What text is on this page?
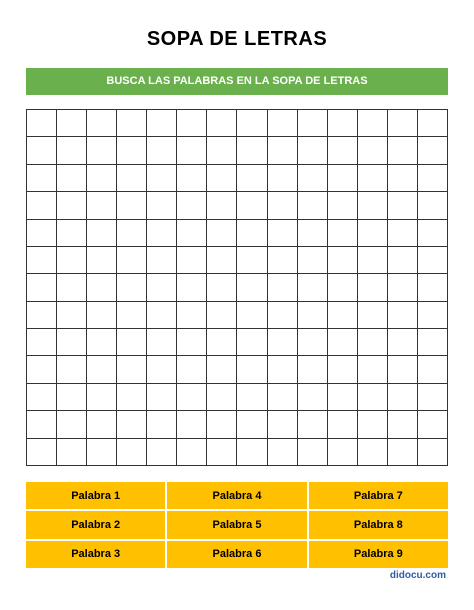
SOPA DE LETRAS
BUSCA LAS PALABRAS EN LA SOPA DE LETRAS
Palabra 1	Palabra 4	Palabra 7
Palabra 2	Palabra 5	Palabra 8
Palabra 3	Palabra 6	Palabra 9
didocu.com
